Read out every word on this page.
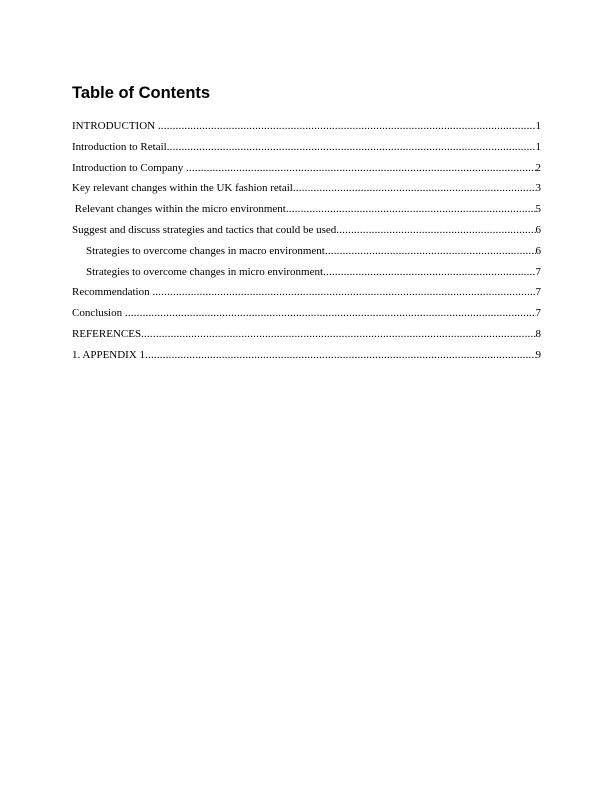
Table of Contents
INTRODUCTION .....	1
Introduction to Retail .....	1
Introduction to Company .....	2
Key relevant changes within the UK fashion retail .....	3
Relevant changes within the micro environment .....	5
Suggest and discuss strategies and tactics that could be used .....	6
Strategies to overcome changes in macro environment .....	6
Strategies to overcome changes in micro environment .....	7
Recommendation .....	7
Conclusion .....	7
REFERENCES .....	8
1. APPENDIX 1 .....	9
